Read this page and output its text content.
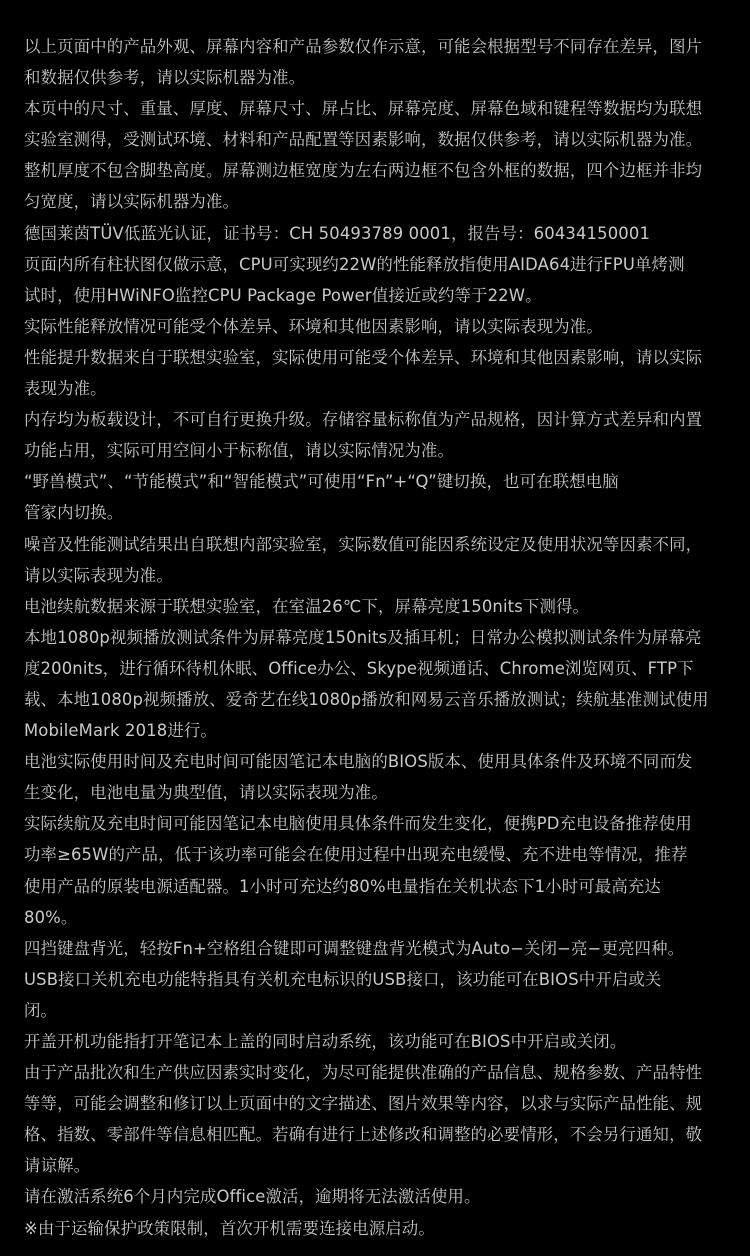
以上页面中的产品外观、屏幕内容和产品参数仅作示意，可能会根据型号不同存在差异，图片
和数据仅供参考，请以实际机器为准。
本页中的尺寸、重量、厚度、屏幕尺寸、屏占比、屏幕亮度、屏幕色域和键程等数据均为联想
实验室测得，受测试环境、材料和产品配置等因素影响，数据仅供参考，请以实际机器为准。
整机厚度不包含脚垫高度。屏幕测边框宽度为左右两边框不包含外框的数据，四个边框并非均
匀宽度，请以实际机器为准。
德国莱茵TÜV低蓝光认证，证书号：CH 50493789 0001，报告号：60434150001
页面内所有柱状图仅做示意，CPU可实现约22W的性能释放指使用AIDA64进行FPU单烤测
试时，使用HWiNFO监控CPU Package Power值接近或约等于22W。
实际性能释放情况可能受个体差异、环境和其他因素影响，请以实际表现为准。
性能提升数据来自于联想实验室，实际使用可能受个体差异、环境和其他因素影响，请以实际
表现为准。
内存均为板载设计，不可自行更换升级。存储容量标称值为产品规格，因计算方式差异和内置
功能占用，实际可用空间小于标称值，请以实际情况为准。
“野兽模式”、“节能模式”和“智能模式”可使用“Fn”+“Q”键切换，也可在联想电脑
管家内切换。
噪音及性能测试结果出自联想内部实验室，实际数值可能因系统设定及使用状况等因素不同，
请以实际表现为准。
电池续航数据来源于联想实验室，在室温26℃下，屏幕亮度150nits下测得。
本地1080p视频播放测试条件为屏幕亮度150nits及插耳机；日常办公模拟测试条件为屏幕亮
度200nits，进行循环待机休眠、Office办公、Skype视频通话、Chrome浏览网页、FTP下
载、本地1080p视频播放、爱奇艺在线1080p播放和网易云音乐播放测试；续航基准测试使用
MobileMark 2018进行。
电池实际使用时间及充电时间可能因笔记本电脑的BIOS版本、使用具体条件及环境不同而发
生变化，电池电量为典型值，请以实际表现为准。
实际续航及充电时间可能因笔记本电脑使用具体条件而发生变化，便携PD充电设备推荐使用
功率≥65W的产品，低于该功率可能会在使用过程中出现充电缓慢、充不进电等情况，推荐
使用产品的原装电源适配器。1小时可充达约80%电量指在关机状态下1小时可最高充达
80%。
四挡键盘背光，轻按Fn+空格组合键即可调整键盘背光模式为Auto−关闭−亮−更亮四种。
USB接口关机充电功能特指具有关机充电标识的USB接口，该功能可在BIOS中开启或关
闭。
开盖开机功能指打开笔记本上盖的同时启动系统，该功能可在BIOS中开启或关闭。
由于产品批次和生产供应因素实时变化，为尽可能提供准确的产品信息、规格参数、产品特性
等等，可能会调整和修订以上页面中的文字描述、图片效果等内容，以求与实际产品性能、规
格、指数、零部件等信息相匹配。若确有进行上述修改和调整的必要情形，不会另行通知，敬
请谅解。
请在激活系统6个月内完成Office激活，逾期将无法激活使用。
※由于运输保护政策限制，首次开机需要连接电源启动。
